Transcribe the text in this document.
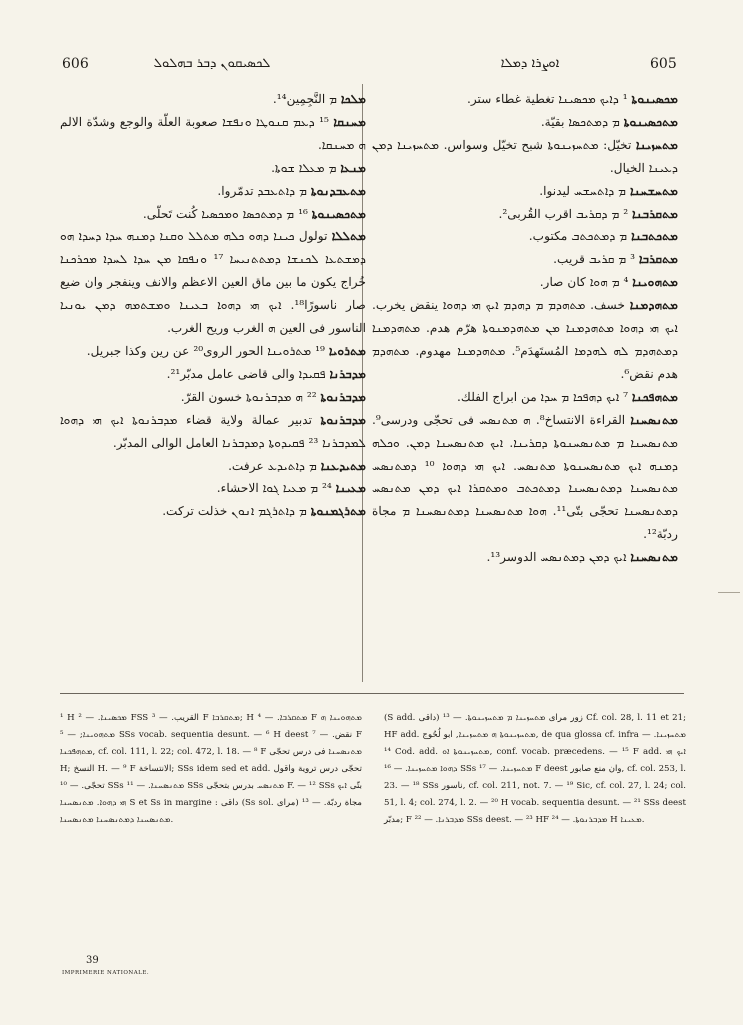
606	ܠܟܣܝܩܘܢ ܕܒܪ ܒܗܠܘܠ	ܐܘܨܪܐ ܕܡܠܐ	605

ܡܟܣܝܢܘܬܐ ¹ ܕܐܝܟ ܡܟܣܝܢܐ تغطية غطاء ستر.

ܡܬܟܣܝܢܘܬܐ ܡ ܕܡܬܟܣܐ بقيّة.

ܡܬܚܙܝܢܐ تخيّل: ܡܬܚܙܝܢܘܬܐ شبح تخيّل وسواس. ܡܬܚܙܝܢܐ ܕܡܢ ܕܥܝܢܐ الخيال.

ܡܬܚܫܚܢܐ ܡ ܕܐܬܚܫܚ ليدنوا.

ܡܬܩܪܒܢܐ ² ܡ ܕܩܪܝܒ اقرب القُربى².

ܡܬܟܬܒܢܐ ܡ ܕܡܬܟܬܒ مكتوب.

ܡܬܩܪܒܐ ³ ܡ ܩܪܝܒ قريب.

ܡܬܗܘܝܢܐ ⁴ ܡ ܗܘܐ كان صار.

ܡܬܗܕܡܢܐ خسف. ܡܬܗܕܡ ܡ ܕܗܕܡ ܐܝܟ ܗܝ ܕܗܘܐ ينقض يخرب. ܐܝܟ ܗܝ ܕܗܘܐ ܡܬܗܕܡܢܐ ܡܢ ܡܬܗܕܡܢܘܬܐ هرّم هدم. ܡܬܗܕܡܢܐ ܕܡܬܗܕܡ ܠܗ ܠܗܕܡܐ المُستَهدَم⁵. ܡܬܗܕܡܢܐ مهدوم. ܡܬܗܕܡ هدم نقض⁶.

ܡܬܗܦܟܢܐ ⁷ ܐܝܟ ܕܗܦܟܐ ܡ ܚܕܐ من ابراج الفلك.

ܡܬܢܣܚܢܐ القراءة الانتساخ⁸. ܗ ܡܬܢܣܚ فى تحجّى ودرسى⁹. ܡܬܢܣܚܢܐ ܡ ܡܬܢܣܚܢܘܬܐ ܕܩܪܝܢܐ. ܐܝܟ ܡܬܢܣܚܢܐ ܕܡܢ. ܘܟܠܗ ܕܡܢܗ ܐܝܟ ܡܬܢܣܚܢܘܬܐ ܡܬܢܣܚ. ܐܝܟ ܗܝ ܕܗܘܐ ¹⁰ ܕܡܬܢܣܚ ܡܬܢܣܚܢܐ ܕܡܬܢܣܚܢܐ ܕܡܬܟܬܒ ܘܡܬܩܪܐ ܐܝܟ ܕܡܢ ܡܬܢܣܚ ܕܡܬܢܣܚܢܐ تحجّى بتّى¹¹. ܗܘܐ ܡܬܢܣܚܢܐ ܕܡܬܢܣܚܢܐ ܡ مجاة ردبّة¹².

ܡܬܢܣܚܢܐ ܐܝܟ ܕܡܢ ܕܡܬܢܣܚ الدوسر¹³.

ܡܠܟܐ ܡ النَّجِمِين¹⁴.

ܡܚܢܩܐ ¹⁵ ܕܥܡ ܩܢܘܛܐ ܘܢܦܫܐ صعوبة العلّة والوجع وشدّة الالم ܗ ܡܚܢܩܐ.

ܡܢܥܐ ܡ ܡܥܠܐ ܫܘܬܐ.

ܡܬܥܒܕܢܘܬܐ ܡ ܕܐܬܥܒܕ تدمّروا.

ܡܬܟܣܝܢܘܬܐ ¹⁶ ܡ ܕܡܬܟܣܐ ܘܡܟܣܝܐ كُنت تَحلّى.

ܡܬܠܠܐ تولول ܟܝܢܐ ܕܗܘ ܟܠܗ ܡܬܠܠ ܘܩܢܐ ܕܡܢܗ ܚܕܐ ܕܚܕܐ ܗܘ ܕܡܫܬܥܐ ܠܟܢܫܐ ܕܡܬܬܢܝܚܐ ¹⁷ ܘܢܦܩܐ ܡܢ ܚܕܐ ܠܚܕܐ ܡܟܪܟܢܐ خُراج يكون ما بين ماق العين الاعظم والانف وينفجر وان ضيع صار ناسورًا¹⁸. ܐܝܟ ܗܝ ܕܗܘܐ ܒܥܝܢܐ ܘܡܫܬܡܗ ܕܡܢ ܝܘܢܝܐ الناسور فى العين ܗ الغرب وريح الغرب.

ܡܬܪܘܝܐ ¹⁹ ܡܬܪܘܝܢܐ الحور الروى²⁰ عن رين وكذا جبريل.

ܡܕܒܪܢܐ ܦܩܝܕܐ والى قاضى عامل مدبّر²¹.

ܡܕܒܪܢܘܬܐ ²² ܗ ܡܕܒܪܢܘܬܐ خسون القرّ.

ܡܕܒܪܢܘܬܐ تدبير عمالة ولاية قضاء ܡܕܒܪܢܘܬܐ ܐܝܟ ܗܝ ܕܗܘܐ ܠܡܕܒܪܢܐ ²³ ܦܩܝܕܘܬܐ ܕܡܕܒܪܢܐ العامل الوالى المدبّر.

ܡܬܝܕܥܢܐ ܡ ܕܐܬܝܕܥ عرفت.

ܡܥܝܢܐ ²⁴ ܡ ܡܥܝܐ ܓܘܐ الاحشاء.

ܡܬܪܓܡܢܘܬܐ ܡ ܕܐܬܪܓܡ ܐܢܘܢ خذلت تركت.

¹ H ܡܟܣܝܢܐ. — ² FSS القريب. — ³ F ܡܬܩܪܒܐ; H ܡܬܩܪܒܐ. — ⁴ F ܡܬܗܘܝܢܐ ܗ ܡܬܗܘܝܢܐ; — ⁵ SSs vocab. sequentia desunt. — ⁶ H deest نقض. — ⁷ F ܡܬܗܦܟܢܐ, cf. col. 111, l. 22; col. 472, l. 18. — ⁸ F ܡܬܢܣܚܢܐ فى درس تحجّى H; النسخ H. — ⁹ F الانتساخة; SSs idem sed et add. تحجّى درس تروية واقول تحجّى. — ¹⁰ SSs ܡܬܢܣܚܢܐ. — ¹¹ SSs ܡܬܢܣܚ بدرس بتحجّى F. — ¹² SSs بتّى ܐܝܟ ܗܝ ܕܗܘܐ. ܡܬܢܣܚܢܐ S et Ss in margine : داقى (Ss sol. مراى) مجاة ردبّة. — ¹³ ܡܬܢܣܚܢܐ ܕܡܬܢܣܚܢܐ ܡܬܢܣܚܢܐ.

(S add. داقى) زور مراى ܡܬܚܙܝܢܐ ܡ ܡܬܚܙܝܢܘܬܐ. — ¹³ Cf. col. 28, l. 11 et 21; HF add. ܡܬܚܙܝܢܘܬܐ ܗ ܡܬܚܙܝܢܐ, ابو لُحُوج, de qua glossa cf. infra ܡܬܚܙܝܢܐ. — ¹⁴ Cod. add. ܡܬܚܙܝܢܘܬܐ ܐܘ, conf. vocab. præcedens. — ¹⁵ F add. ܐܝܟ ܗܝ ܕܗܘܐ ܡܬܚܙܝܢܐ. — ¹⁶ SSs ܡܬܚܙܝܢܐ. — ¹⁷ F deest وان منع صابور, cf. col. 253, l. 23. — ¹⁸ SSs ناسور, cf. col. 211, not. 7. — ¹⁹ Sic, cf. col. 27, l. 24; col. 51, l. 4; col. 274, l. 2. — ²⁰ H vocab. sequentia desunt. — ²¹ SSs deest مدبّر; F ܡܕܒܪܢܐ. — ²² SSs deest. — ²³ HF ܡܕܒܪܢܘܬܐ. — ²⁴ H ܡܥܝܢܐ.

39
IMPRIMERIE NATIONALE.
